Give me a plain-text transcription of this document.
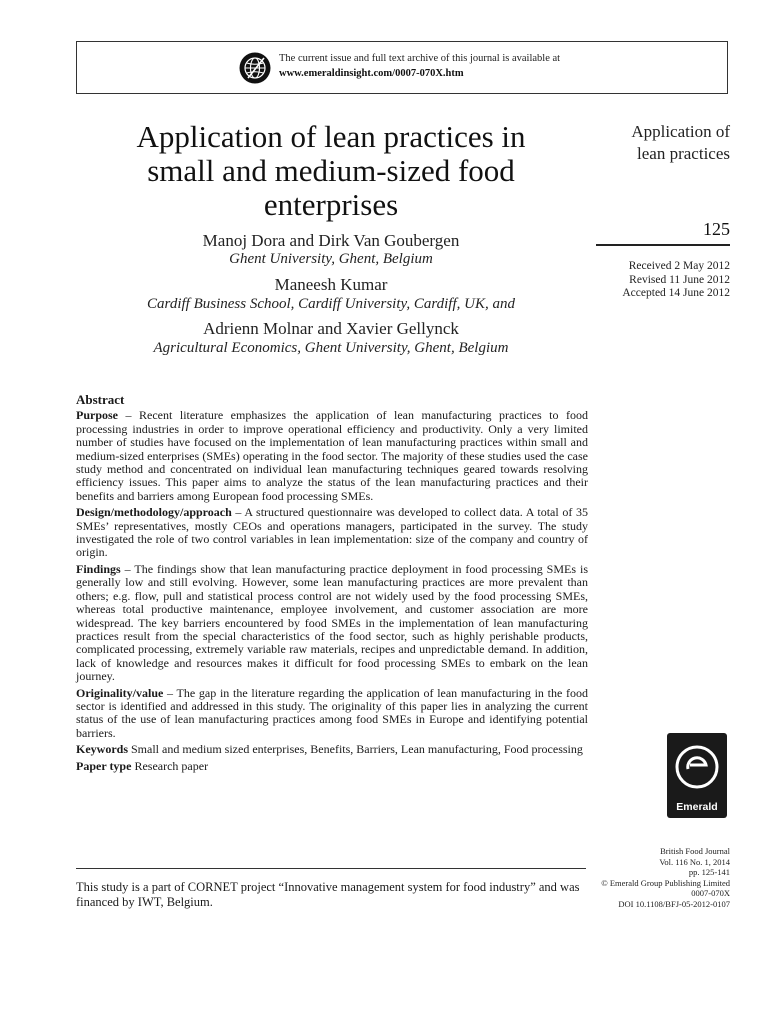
The current issue and full text archive of this journal is available at
www.emeraldinsight.com/0007-070X.htm
Application of lean practices in
small and medium-sized food
enterprises
Manoj Dora and Dirk Van Goubergen
Ghent University, Ghent, Belgium
Maneesh Kumar
Cardiff Business School, Cardiff University, Cardiff, UK, and
Adrienn Molnar and Xavier Gellynck
Agricultural Economics, Ghent University, Ghent, Belgium
Application of
lean practices
125
Received 2 May 2012
Revised 11 June 2012
Accepted 14 June 2012
Abstract
Purpose – Recent literature emphasizes the application of lean manufacturing practices to food processing industries in order to improve operational efficiency and productivity. Only a very limited number of studies have focused on the implementation of lean manufacturing practices within small and medium-sized enterprises (SMEs) operating in the food sector. The majority of these studies used the case study method and concentrated on individual lean manufacturing techniques geared towards resolving efficiency issues. This paper aims to analyze the status of the lean manufacturing practices and their benefits and barriers among European food processing SMEs.
Design/methodology/approach – A structured questionnaire was developed to collect data. A total of 35 SMEs’ representatives, mostly CEOs and operations managers, participated in the survey. The study investigated the role of two control variables in lean implementation: size of the company and country of origin.
Findings – The findings show that lean manufacturing practice deployment in food processing SMEs is generally low and still evolving. However, some lean manufacturing practices are more prevalent than others; e.g. flow, pull and statistical process control are not widely used by the food processing SMEs, whereas total productive maintenance, employee involvement, and customer association are more widespread. The key barriers encountered by food SMEs in the implementation of lean manufacturing practices result from the special characteristics of the food sector, such as highly perishable products, complicated processing, extremely variable raw materials, recipes and unpredictable demand. In addition, lack of knowledge and resources makes it difficult for food processing SMEs to embark on the lean journey.
Originality/value – The gap in the literature regarding the application of lean manufacturing in the food sector is identified and addressed in this study. The originality of this paper lies in analyzing the current status of the use of lean manufacturing practices among food SMEs in Europe and identifying potential barriers.
Keywords Small and medium sized enterprises, Benefits, Barriers, Lean manufacturing, Food processing
Paper type Research paper
Emerald
British Food Journal
Vol. 116 No. 1, 2014
pp. 125-141
© Emerald Group Publishing Limited
0007-070X
DOI 10.1108/BFJ-05-2012-0107
This study is a part of CORNET project “Innovative management system for food industry” and was financed by IWT, Belgium.
